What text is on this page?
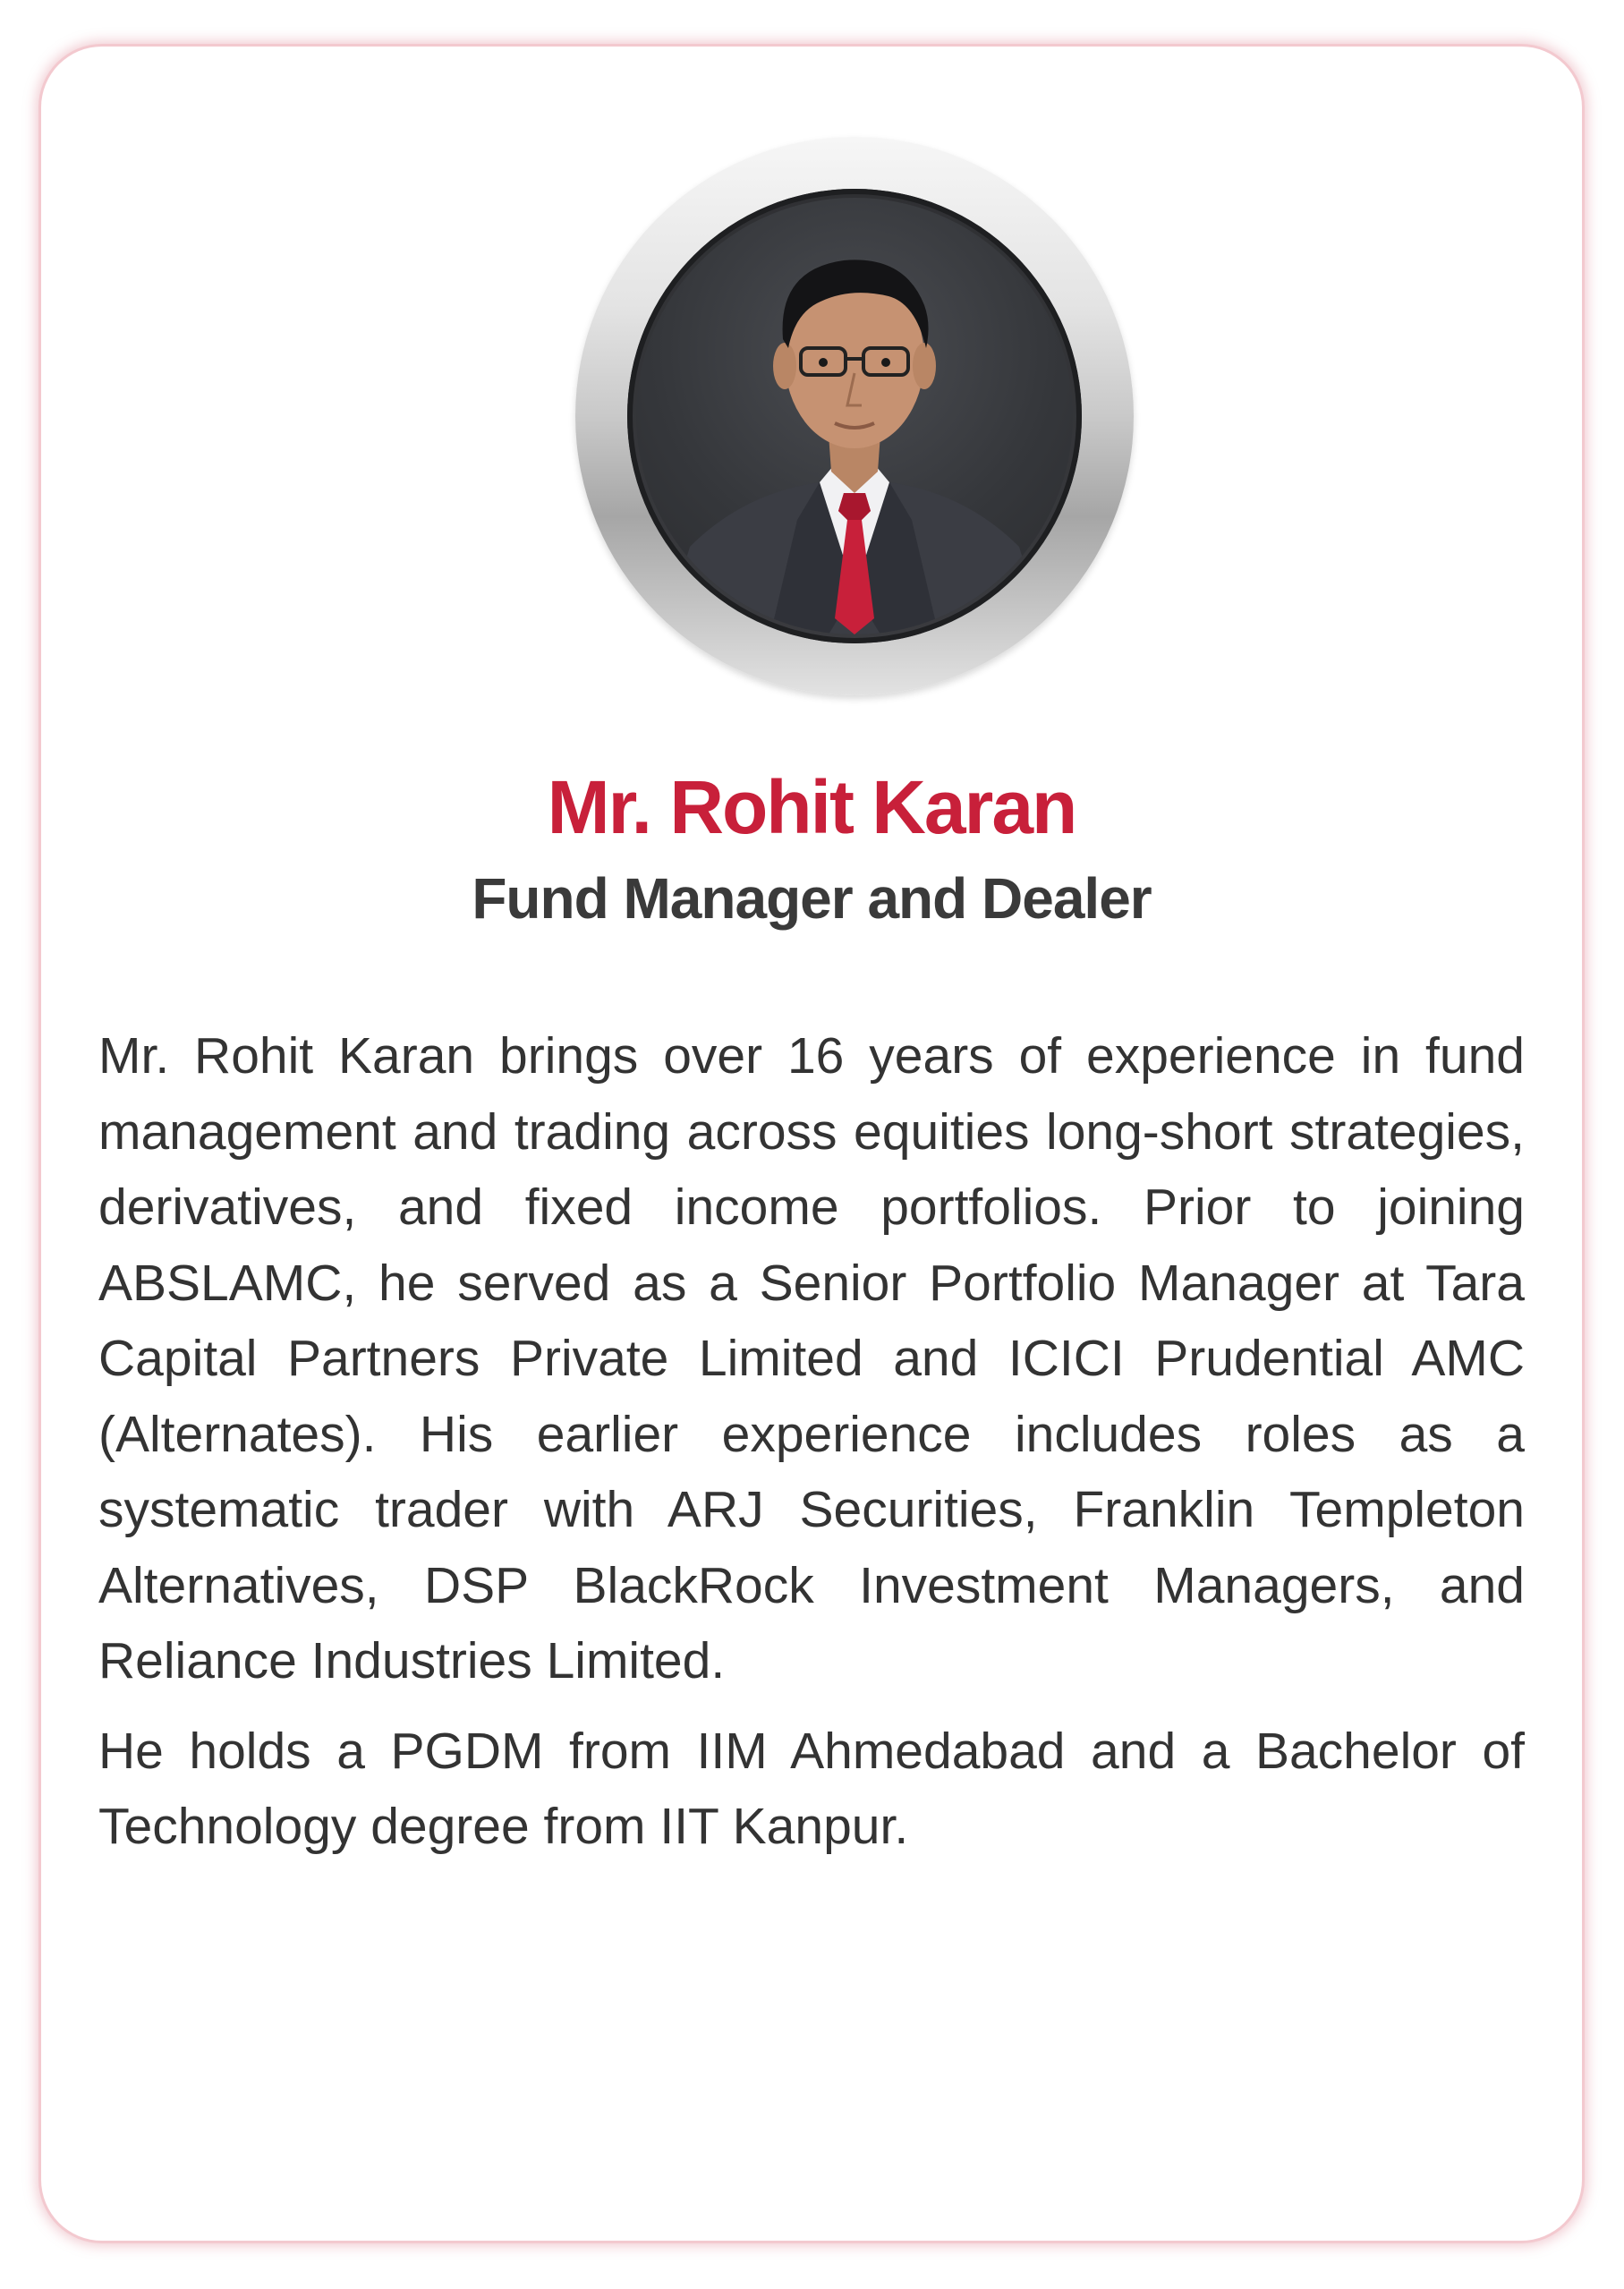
Mr. Rohit Karan
Fund Manager and Dealer

Mr. Rohit Karan brings over 16 years of experience in fund management and trading across equities long-short strategies, derivatives, and fixed income portfolios. Prior to joining ABSLAMC, he served as a Senior Portfolio Manager at Tara Capital Partners Private Limited and ICICI Prudential AMC (Alternates). His earlier experience includes roles as a systematic trader with ARJ Securities, Franklin Templeton Alternatives, DSP BlackRock Investment Managers, and Reliance Industries Limited.

He holds a PGDM from IIM Ahmedabad and a Bachelor of Technology degree from IIT Kanpur.
